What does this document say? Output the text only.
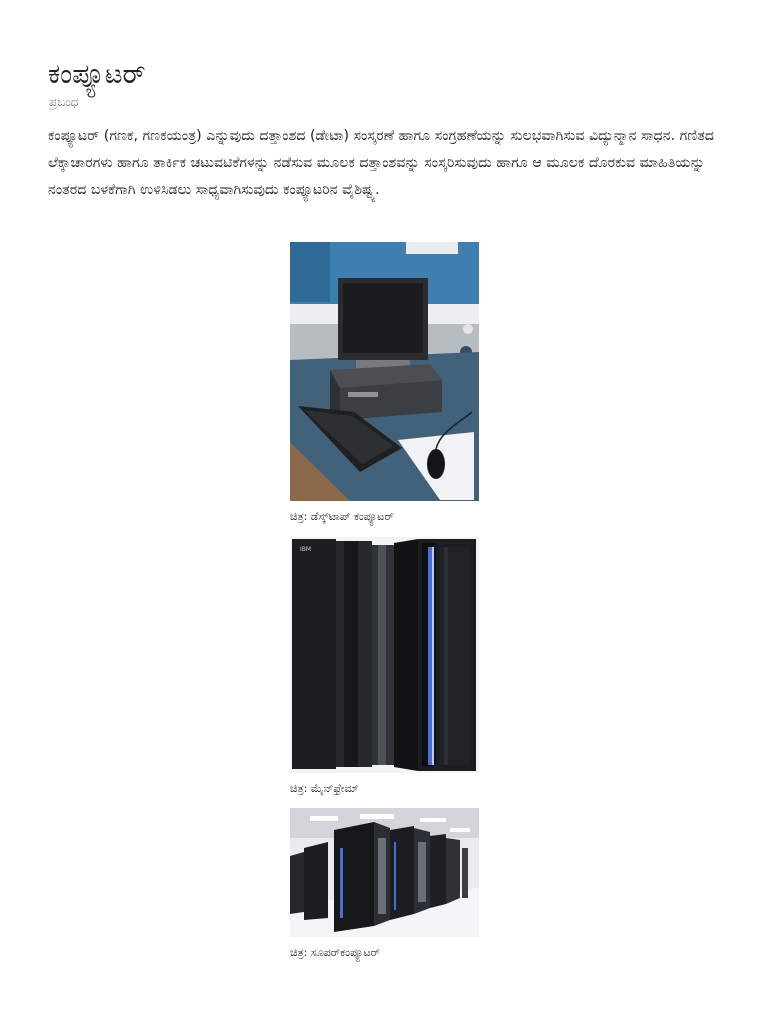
ಕಂಪ್ಯೂಟರ್
ಪ್ರಬಂಧ

ಕಂಪ್ಯೂಟರ್ (ಗಣಕ, ಗಣಕಯಂತ್ರ) ಎನ್ನುವುದು ದತ್ತಾಂಶದ (ಡೇಟಾ) ಸಂಸ್ಕರಣೆ ಹಾಗೂ ಸಂಗ್ರಹಣೆಯನ್ನು ಸುಲಭವಾಗಿಸುವ ವಿದ್ಯುನ್ಮಾನ ಸಾಧನ. ಗಣಿತದ ಲೆಕ್ಕಾಚಾರಗಳು ಹಾಗೂ ತಾರ್ಕಿಕ ಚಟುವಟಿಕೆಗಳನ್ನು ನಡೆಸುವ ಮೂಲಕ ದತ್ತಾಂಶವನ್ನು ಸಂಸ್ಕರಿಸುವುದು ಹಾಗೂ ಆ ಮೂಲಕ ದೊರಕುವ ಮಾಹಿತಿಯನ್ನು ನಂತರದ ಬಳಕೆಗಾಗಿ ಉಳಿಸಿಡಲು ಸಾಧ್ಯವಾಗಿಸುವುದು ಕಂಪ್ಯೂಟರಿನ ವೈಶಿಷ್ಟ್ಯ.

ಚಿತ್ರ: ಡೆಸ್ಕ್‌ಟಾಪ್ ಕಂಪ್ಯೂಟರ್
IBM
ಚಿತ್ರ: ಮೈನ್‌ಫ್ರೇಮ್
ಚಿತ್ರ: ಸೂಪರ್‌ಕಂಪ್ಯೂಟರ್
